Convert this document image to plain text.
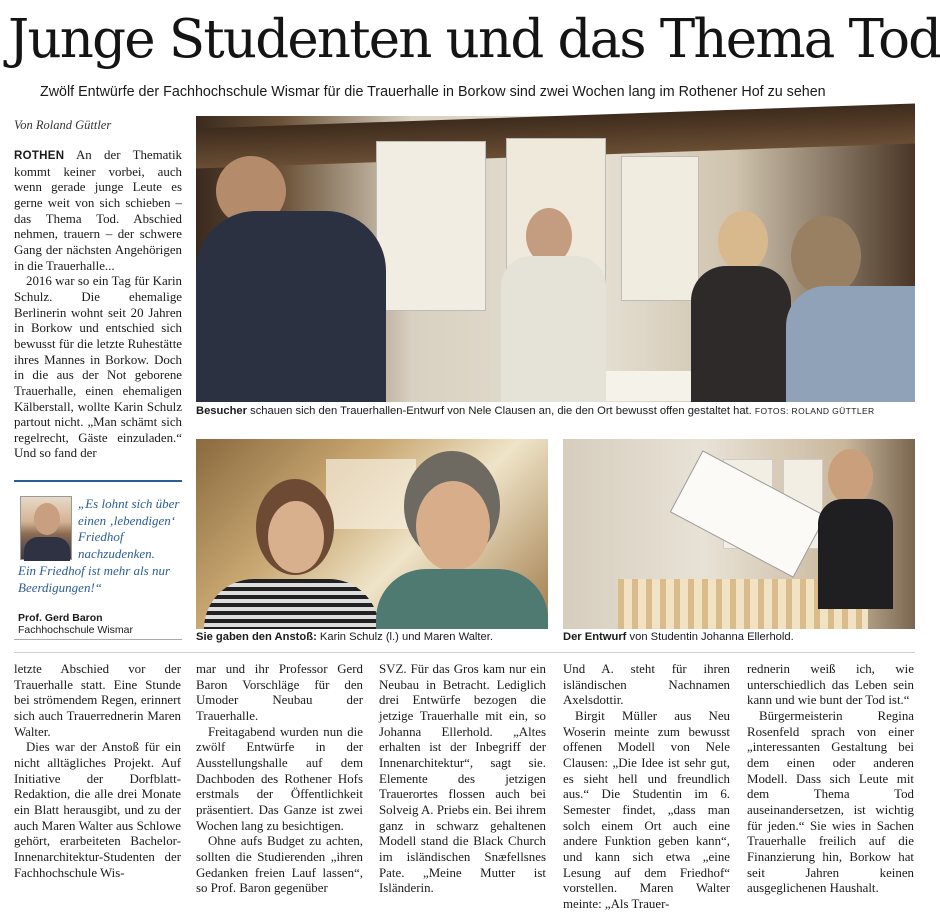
Junge Studenten und das Thema Tod
Zwölf Entwürfe der Fachhochschule Wismar für die Trauerhalle in Borkow sind zwei Wochen lang im Rothener Hof zu sehen
Von Roland Güttler

ROTHEN An der Thematik kommt keiner vorbei, auch wenn gerade junge Leute es gerne weit von sich schieben – das Thema Tod. Abschied nehmen, trauern – der schwere Gang der nächsten Angehörigen in die Trauerhalle...

2016 war so ein Tag für Karin Schulz. Die ehemalige Berlinerin wohnt seit 20 Jahren in Borkow und entschied sich bewusst für die letzte Ruhestätte ihres Mannes in Borkow. Doch in die aus der Not geborene Trauerhalle, einen ehemaligen Kälberstall, wollte Karin Schulz partout nicht. „Man schämt sich regelrecht, Gäste einzuladen.“ Und so fand der

„Es lohnt sich über einen ‚lebendigen‘ Friedhof nachzudenken.
Ein Friedhof ist mehr als nur Beerdigungen!“
Prof. Gerd Baron
Fachhochschule Wismar
Besucher schauen sich den Trauerhallen-Entwurf von Nele Clausen an, die den Ort bewusst offen gestaltet hat. FOTOS: ROLAND GÜTTLER
Sie gaben den Anstoß: Karin Schulz (l.) und Maren Walter.	Der Entwurf von Studentin Johanna Ellerhold.

letzte Abschied vor der Trauerhalle statt. Eine Stunde bei strömendem Regen, erinnert sich auch Trauerrednerin Maren Walter.

Dies war der Anstoß für ein nicht alltägliches Projekt. Auf Initiative der Dorfblatt-Redaktion, die alle drei Monate ein Blatt herausgibt, und zu der auch Maren Walter aus Schlowe gehört, erarbeiteten Bachelor-Innenarchitektur-Studenten der Fachhochschule Wis-

mar und ihr Professor Gerd Baron Vorschläge für den Umoder Neubau der Trauerhalle.

Freitagabend wurden nun die zwölf Entwürfe in der Ausstellungshalle auf dem Dachboden des Rothener Hofs erstmals der Öffentlichkeit präsentiert. Das Ganze ist zwei Wochen lang zu besichtigen.

Ohne aufs Budget zu achten, sollten die Studierenden „ihren Gedanken freien Lauf lassen“, so Prof. Baron gegenüber

SVZ. Für das Gros kam nur ein Neubau in Betracht. Lediglich drei Entwürfe bezogen die jetzige Trauerhalle mit ein, so Johanna Ellerhold. „Altes erhalten ist der Inbegriff der Innenarchitektur“, sagt sie. Elemente des jetzigen Trauerortes flossen auch bei Solveig A. Priebs ein. Bei ihrem ganz in schwarz gehaltenen Modell stand die Black Church im isländischen Snæfellsnes Pate. „Meine Mutter ist Isländerin.

Und A. steht für ihren isländischen Nachnamen Axelsdottir.

Birgit Müller aus Neu Woserin meinte zum bewusst offenen Modell von Nele Clausen: „Die Idee ist sehr gut, es sieht hell und freundlich aus.“ Die Studentin im 6. Semester findet, „dass man solch einem Ort auch eine andere Funktion geben kann“, und kann sich etwa „eine Lesung auf dem Friedhof“ vorstellen. Maren Walter meinte: „Als Trauer-

rednerin weiß ich, wie unterschiedlich das Leben sein kann und wie bunt der Tod ist.“

Bürgermeisterin Regina Rosenfeld sprach von einer „interessanten Gestaltung bei dem einen oder anderen Modell. Dass sich Leute mit dem Thema Tod auseinandersetzen, ist wichtig für jeden.“ Sie wies in Sachen Trauerhalle freilich auf die Finanzierung hin, Borkow hat seit Jahren keinen ausgeglichenen Haushalt.
